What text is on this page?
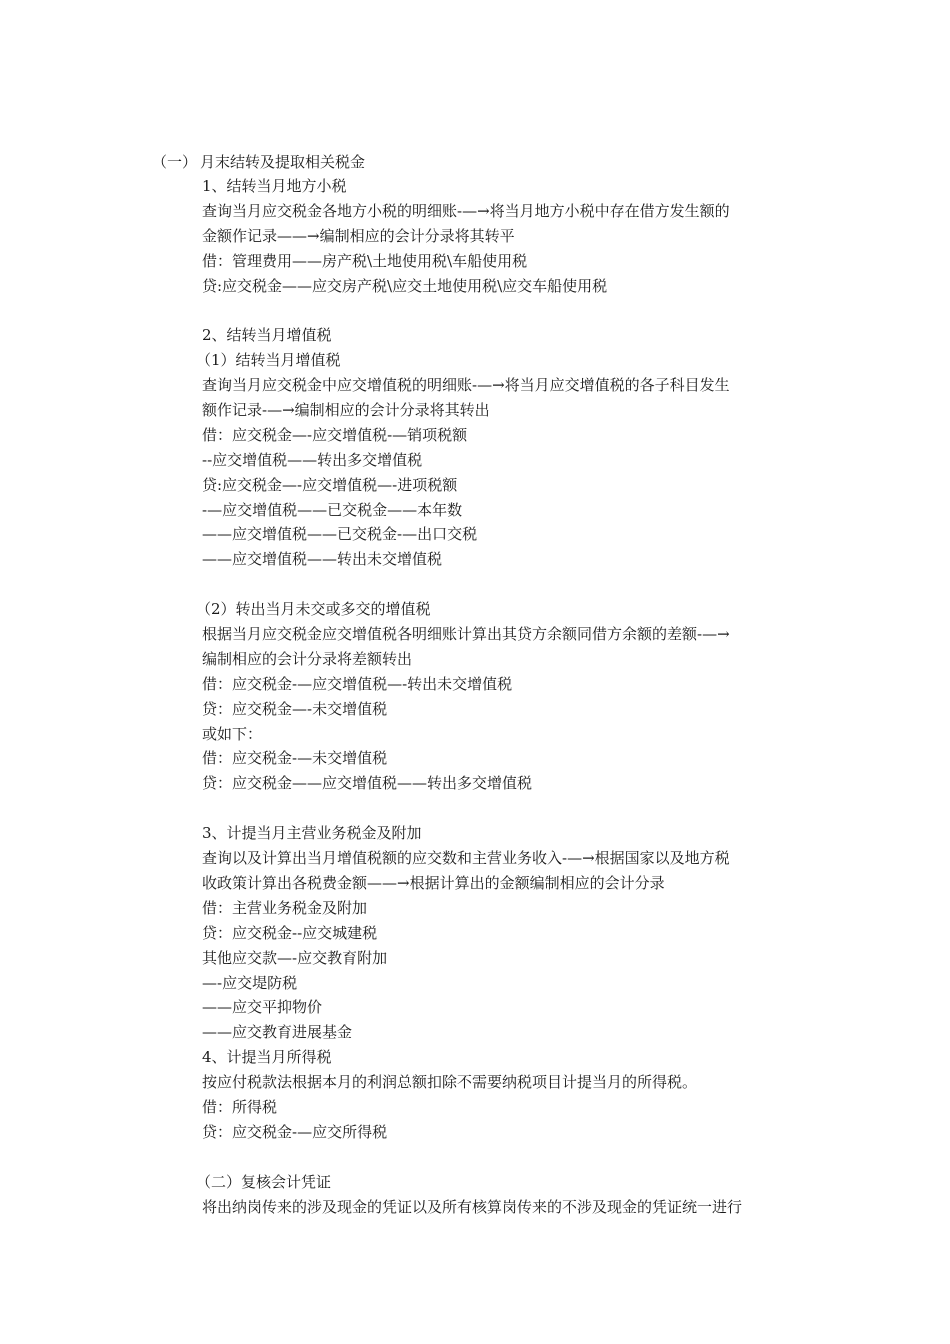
（一） 月末结转及提取相关税金
1、结转当月地方小税
查询当月应交税金各地方小税的明细账-—→将当月地方小税中存在借方发生额的
金额作记录——→编制相应的会计分录将其转平
借：管理费用——房产税\土地使用税\车船使用税
贷:应交税金——应交房产税\应交土地使用税\应交车船使用税
2、结转当月增值税
（1）结转当月增值税
查询当月应交税金中应交增值税的明细账-—→将当月应交增值税的各子科目发生
额作记录-—→编制相应的会计分录将其转出
借：应交税金—-应交增值税-—销项税额
--应交增值税——转出多交增值税
贷:应交税金—-应交增值税—-进项税额
-—应交增值税——已交税金——本年数
——应交增值税——已交税金-—出口交税
——应交增值税——转出未交增值税
（2）转出当月未交或多交的增值税
根据当月应交税金应交增值税各明细账计算出其贷方余额同借方余额的差额-—→
编制相应的会计分录将差额转出
借：应交税金-—应交增值税—-转出未交增值税
贷：应交税金—-未交增值税
或如下：
借：应交税金-—未交增值税
贷：应交税金——应交增值税——转出多交增值税
3、计提当月主营业务税金及附加
查询以及计算出当月增值税额的应交数和主营业务收入-—→根据国家以及地方税
收政策计算出各税费金额——→根据计算出的金额编制相应的会计分录
借：主营业务税金及附加
贷：应交税金--应交城建税
其他应交款—-应交教育附加
—-应交堤防税
——应交平抑物价
——应交教育进展基金
4、计提当月所得税
按应付税款法根据本月的利润总额扣除不需要纳税项目计提当月的所得税。
借：所得税
贷：应交税金-—应交所得税
（二）复核会计凭证
将出纳岗传来的涉及现金的凭证以及所有核算岗传来的不涉及现金的凭证统一进行
